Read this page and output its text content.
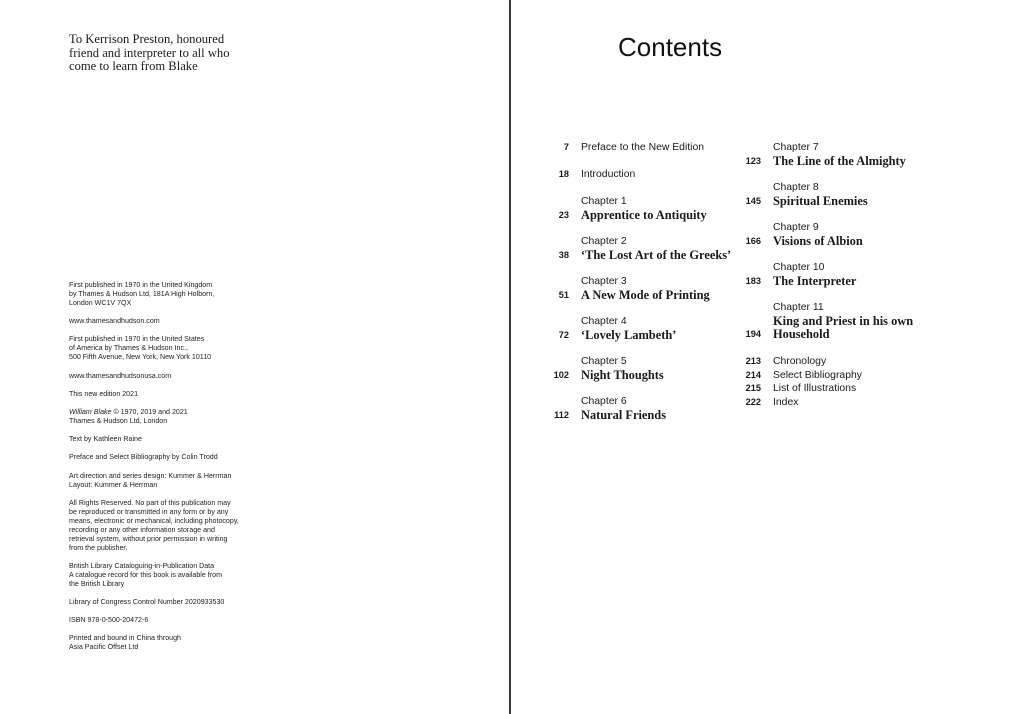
To Kerrison Preston, honoured
friend and interpreter to all who
come to learn from Blake
First published in 1970 in the United Kingdom
by Thames & Hudson Ltd, 181A High Holborn,
London WC1V 7QX
www.thamesandhudson.com
First published in 1970 in the United States
of America by Thames & Hudson Inc.,
500 Fifth Avenue, New York, New York 10110
www.thamesandhudsonusa.com
This new edition 2021
William Blake © 1970, 2019 and 2021
Thames & Hudson Ltd, London
Text by Kathleen Raine
Preface and Select Bibliography by Colin Trodd
Art direction and series design: Kummer & Herrman
Layout: Kummer & Herrman
All Rights Reserved. No part of this publication may
be reproduced or transmitted in any form or by any
means, electronic or mechanical, including photocopy,
recording or any other information storage and
retrieval system, without prior permission in writing
from the publisher.
British Library Cataloguing-in-Publication Data
A catalogue record for this book is available from
the British Library
Library of Congress Control Number 2020933530
ISBN 978-0-500-20472-6
Printed and bound in China through
Asia Pacific Offset Ltd
Contents
7 Preface to the New Edition
18 Introduction
23
Chapter 1
Apprentice to Antiquity
38
Chapter 2
‘The Lost Art of the Greeks’
51
Chapter 3
A New Mode of Printing
72
Chapter 4
‘Lovely Lambeth’
102
Chapter 5
Night Thoughts
112
Chapter 6
Natural Friends
123
Chapter 7
The Line of the Almighty
145
Chapter 8
Spiritual Enemies
166
Chapter 9
Visions of Albion
183
Chapter 10
The Interpreter
194
Chapter 11
King and Priest in his own
Household
213 Chronology
214 Select Bibliography
215 List of Illustrations
222 Index
